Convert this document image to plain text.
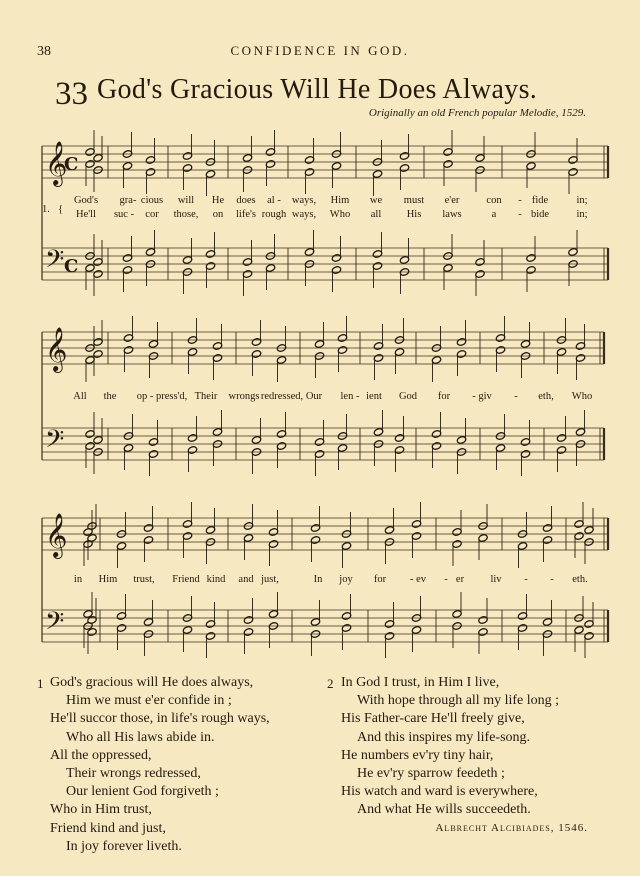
38	CONFIDENCE IN GOD.
33 God's Gracious Will He Does Always.
Originally an old French popular Melodie, 1529.
𝄞
𝄢
C
C
𝄞
𝄢
𝄞
𝄢
1. {
God's gra- cious will He does al - ways, Him we must e'er	con - fide	in;
He'll suc - cor those, on life's rough ways, Who all His laws	a - bide	in;
All the op - press'd, Their wrongs redressed, Our len - ient God for - giv - eth, Who
in Him trust, Friend kind and just,	In joy for - ev - er	liv - - eth.
1 God's gracious will He does always,
Him we must e'er confide in ;
He'll succor those, in life's rough ways,
Who all His laws abide in.
All the oppressed,
Their wrongs redressed,
Our lenient God forgiveth ;
Who in Him trust,
Friend kind and just,
In joy forever liveth.
2 In God I trust, in Him I live,
With hope through all my life long ;
His Father-care He'll freely give,
And this inspires my life-song.
He numbers ev'ry tiny hair,
He ev'ry sparrow feedeth ;
His watch and ward is everywhere,
And what He wills succeedeth.
Albrecht Alcibiades, 1546.
